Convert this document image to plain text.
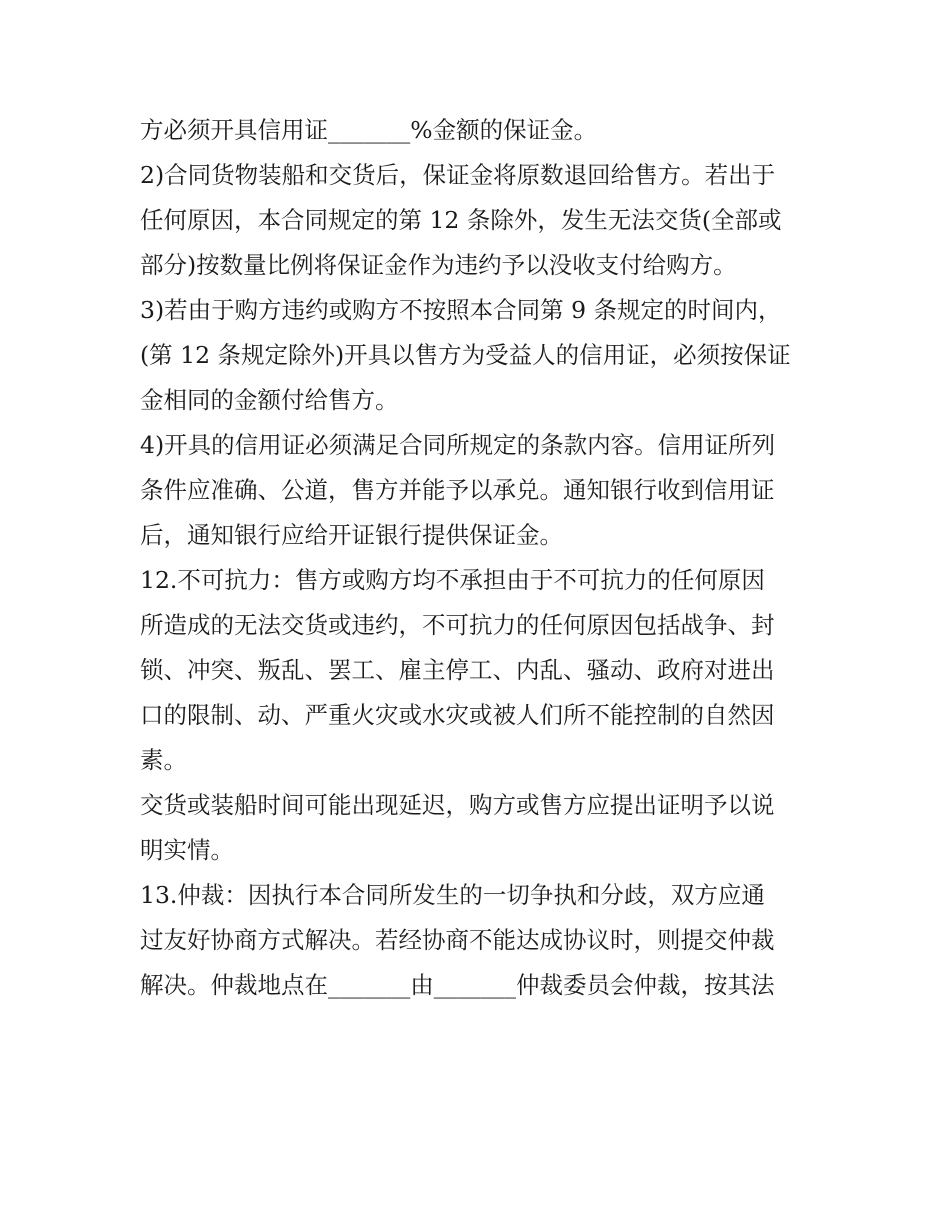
方必须开具信用证_______%金额的保证金。
2)合同货物装船和交货后，保证金将原数退回给售方。若出于
任何原因，本合同规定的第 12 条除外，发生无法交货(全部或
部分)按数量比例将保证金作为违约予以没收支付给购方。
3)若由于购方违约或购方不按照本合同第 9 条规定的时间内，
(第 12 条规定除外)开具以售方为受益人的信用证，必须按保证
金相同的金额付给售方。
4)开具的信用证必须满足合同所规定的条款内容。信用证所列
条件应准确、公道，售方并能予以承兑。通知银行收到信用证
后，通知银行应给开证银行提供保证金。
12.不可抗力：售方或购方均不承担由于不可抗力的任何原因
所造成的无法交货或违约，不可抗力的任何原因包括战争、封
锁、冲突、叛乱、罢工、雇主停工、内乱、骚动、政府对进出
口的限制、动、严重火灾或水灾或被人们所不能控制的自然因
素。
交货或装船时间可能出现延迟，购方或售方应提出证明予以说
明实情。
13.仲裁：因执行本合同所发生的一切争执和分歧，双方应通
过友好协商方式解决。若经协商不能达成协议时，则提交仲裁
解决。仲裁地点在_______由_______仲裁委员会仲裁，按其法
